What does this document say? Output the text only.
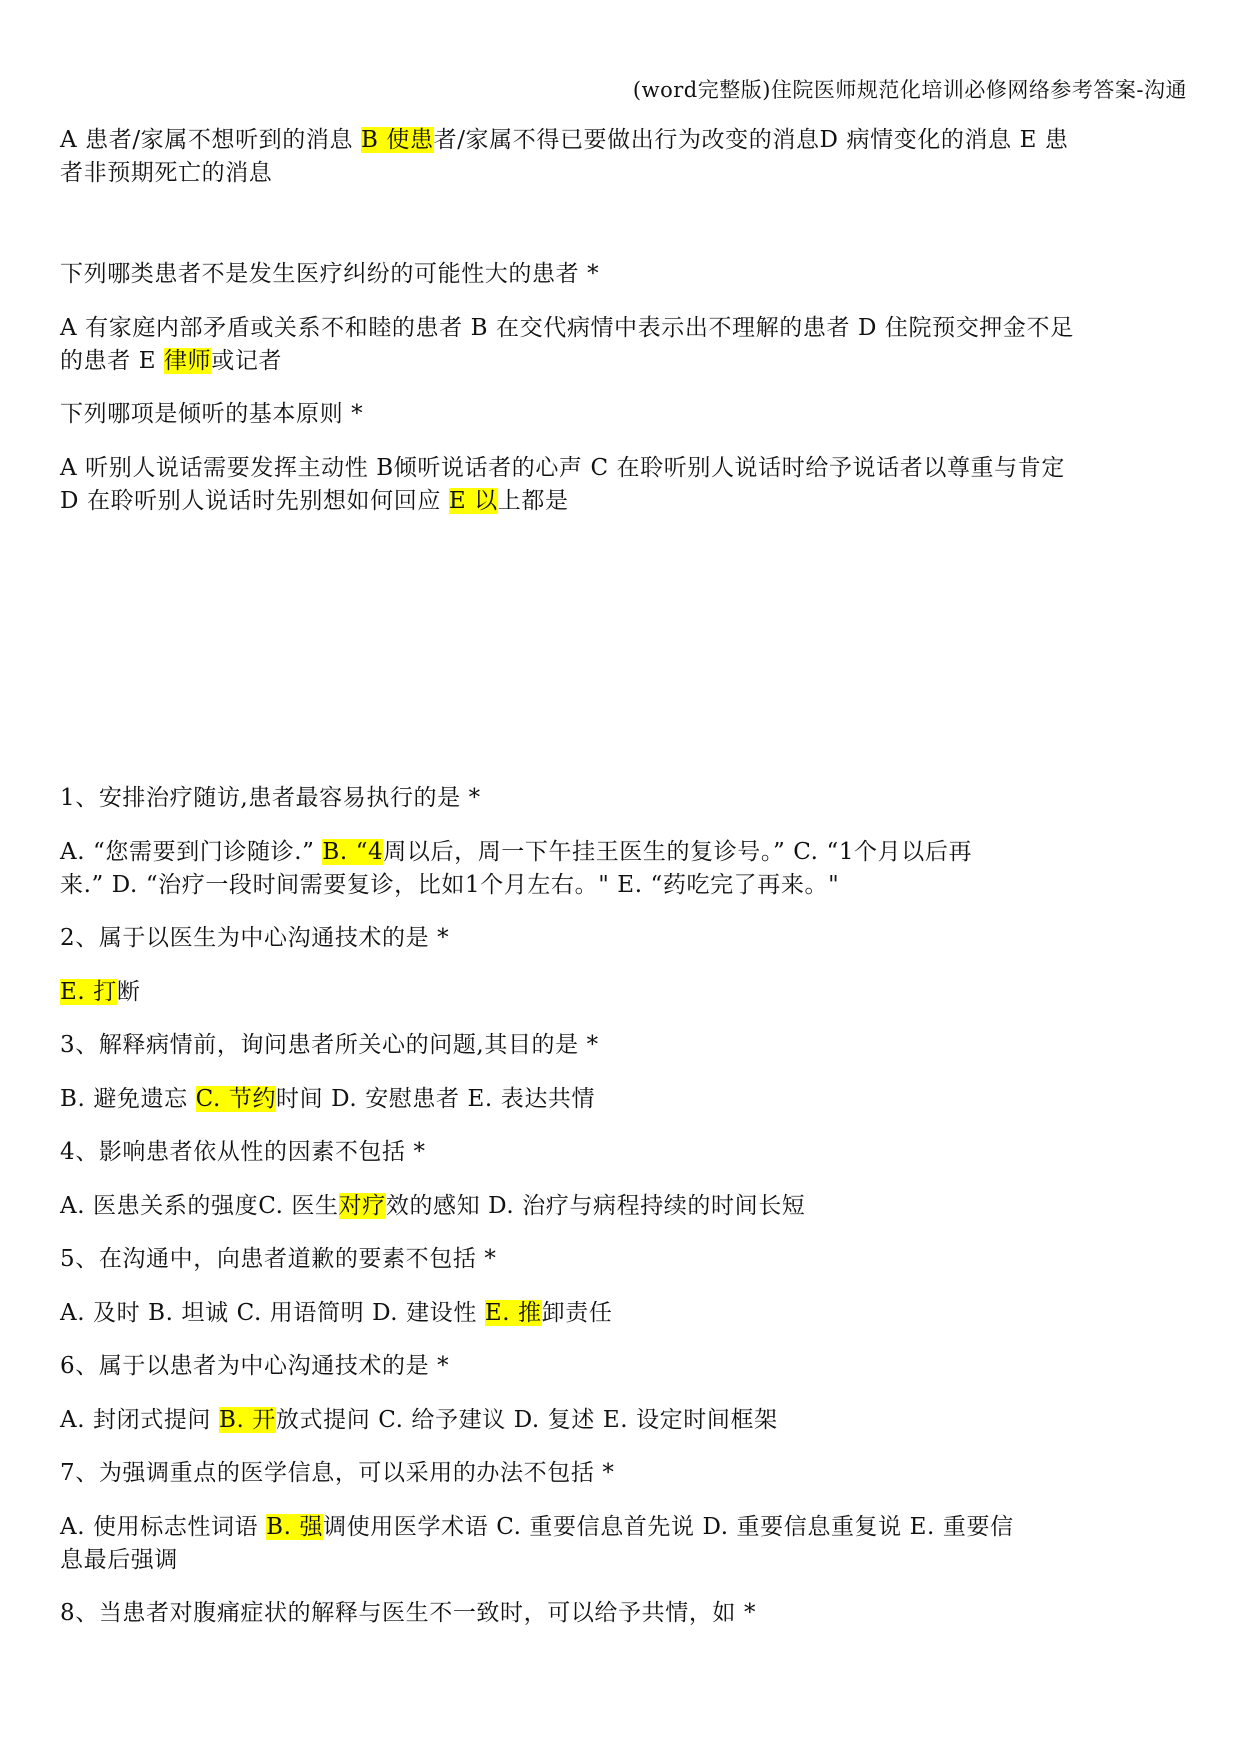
(word完整版)住院医师规范化培训必修网络参考答案-沟通
A 患者/家属不想听到的消息 B 使患者/家属不得已要做出行为改变的消息D 病情变化的消息 E 患
者非预期死亡的消息
下列哪类患者不是发生医疗纠纷的可能性大的患者 *
A 有家庭内部矛盾或关系不和睦的患者 B 在交代病情中表示出不理解的患者 D 住院预交押金不足
的患者 E 律师或记者
下列哪项是倾听的基本原则 *
A 听别人说话需要发挥主动性 B倾听说话者的心声 C 在聆听别人说话时给予说话者以尊重与肯定
D 在聆听别人说话时先别想如何回应 E 以上都是
1、安排治疗随访,患者最容易执行的是 *
A. “您需要到门诊随诊.” B. “4周以后，周一下午挂王医生的复诊号。” C. “1个月以后再
来.” D. “治疗一段时间需要复诊，比如1个月左右。" E. “药吃完了再来。"
2、属于以医生为中心沟通技术的是 *
E. 打断
3、解释病情前，询问患者所关心的问题,其目的是 *
B. 避免遗忘 C. 节约时间 D. 安慰患者 E. 表达共情
4、影响患者依从性的因素不包括 *
A. 医患关系的强度C. 医生对疗效的感知 D. 治疗与病程持续的时间长短
5、在沟通中，向患者道歉的要素不包括 *
A. 及时 B. 坦诚 C. 用语简明 D. 建设性 E. 推卸责任
6、属于以患者为中心沟通技术的是 *
A. 封闭式提问 B. 开放式提问 C. 给予建议 D. 复述 E. 设定时间框架
7、为强调重点的医学信息，可以采用的办法不包括 *
A. 使用标志性词语 B. 强调使用医学术语 C. 重要信息首先说 D. 重要信息重复说 E. 重要信
息最后强调
8、当患者对腹痛症状的解释与医生不一致时，可以给予共情，如 *
